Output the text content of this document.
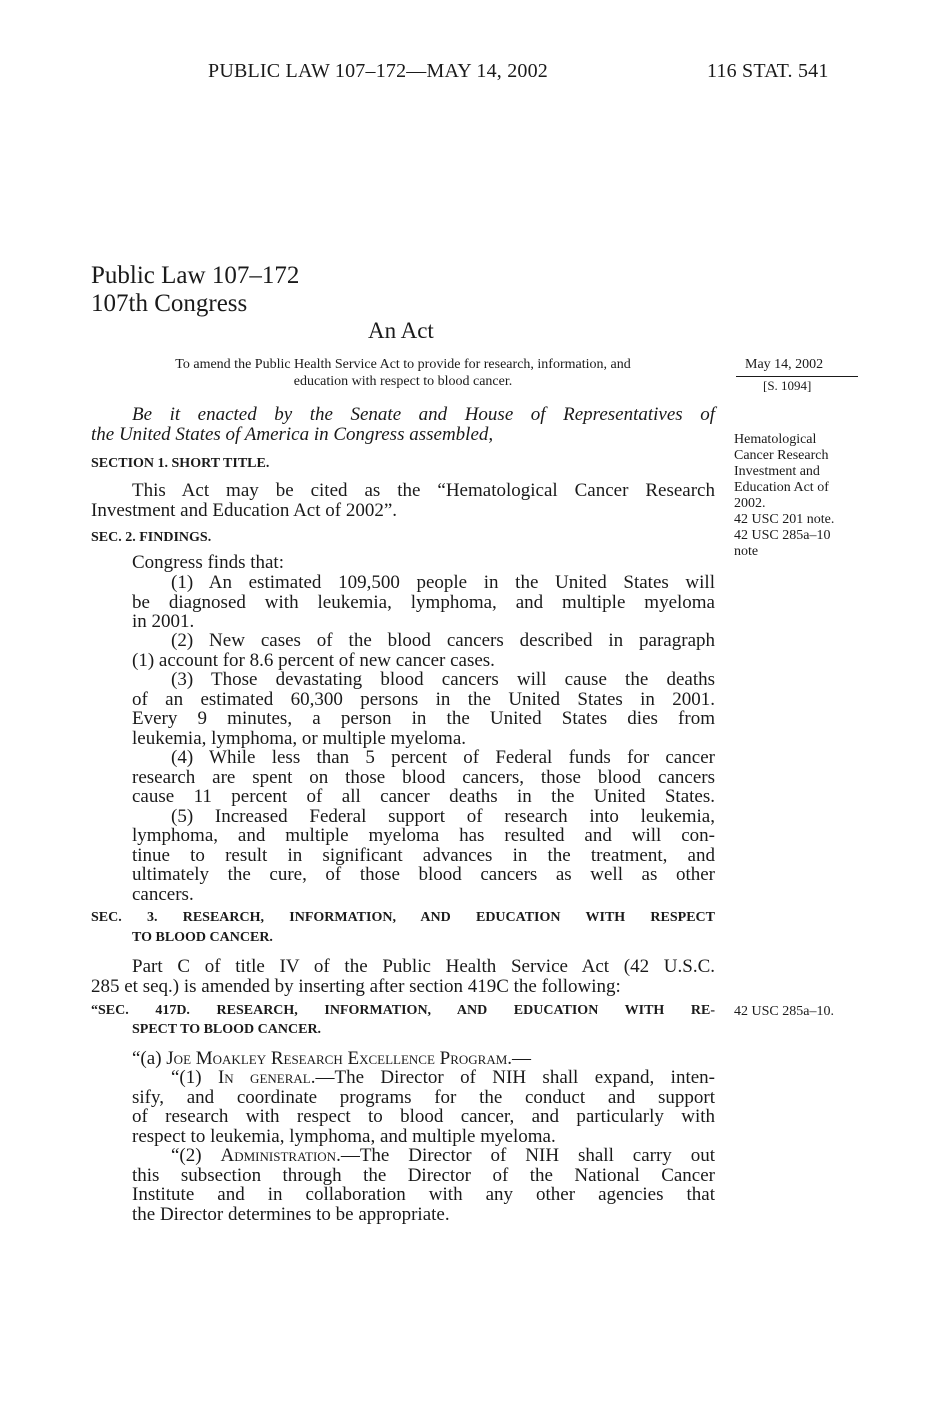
PUBLIC LAW 107–172—MAY 14, 2002	116 STAT. 541
Public Law 107–172
107th Congress
An Act
To amend the Public Health Service Act to provide for research, information, and
education with respect to blood cancer.
May 14, 2002
[S. 1094]
Be it enacted by the Senate and House of Representatives of
the United States of America in Congress assembled,
SECTION 1. SHORT TITLE.
This Act may be cited as the “Hematological Cancer Research
Investment and Education Act of 2002”.
Hematological
Cancer Research
Investment and
Education Act of
2002.
42 USC 201 note.
42 USC 285a–10
note
SEC. 2. FINDINGS.
Congress finds that:
(1) An estimated 109,500 people in the United States will
be diagnosed with leukemia, lymphoma, and multiple myeloma
in 2001.
(2) New cases of the blood cancers described in paragraph
(1) account for 8.6 percent of new cancer cases.
(3) Those devastating blood cancers will cause the deaths
of an estimated 60,300 persons in the United States in 2001.
Every 9 minutes, a person in the United States dies from
leukemia, lymphoma, or multiple myeloma.
(4) While less than 5 percent of Federal funds for cancer
research are spent on those blood cancers, those blood cancers
cause 11 percent of all cancer deaths in the United States.
(5) Increased Federal support of research into leukemia,
lymphoma, and multiple myeloma has resulted and will con-
tinue to result in significant advances in the treatment, and
ultimately the cure, of those blood cancers as well as other
cancers.
SEC. 3. RESEARCH, INFORMATION, AND EDUCATION WITH RESPECT
TO BLOOD CANCER.
Part C of title IV of the Public Health Service Act (42 U.S.C.
285 et seq.) is amended by inserting after section 419C the following:
“SEC. 417D. RESEARCH, INFORMATION, AND EDUCATION WITH RE-
SPECT TO BLOOD CANCER.
42 USC 285a–10.
“(a) Joe Moakley Research Excellence Program.—
“(1) In general.—The Director of NIH shall expand, inten-
sify, and coordinate programs for the conduct and support
of research with respect to blood cancer, and particularly with
respect to leukemia, lymphoma, and multiple myeloma.
“(2) Administration.—The Director of NIH shall carry out
this subsection through the Director of the National Cancer
Institute and in collaboration with any other agencies that
the Director determines to be appropriate.
